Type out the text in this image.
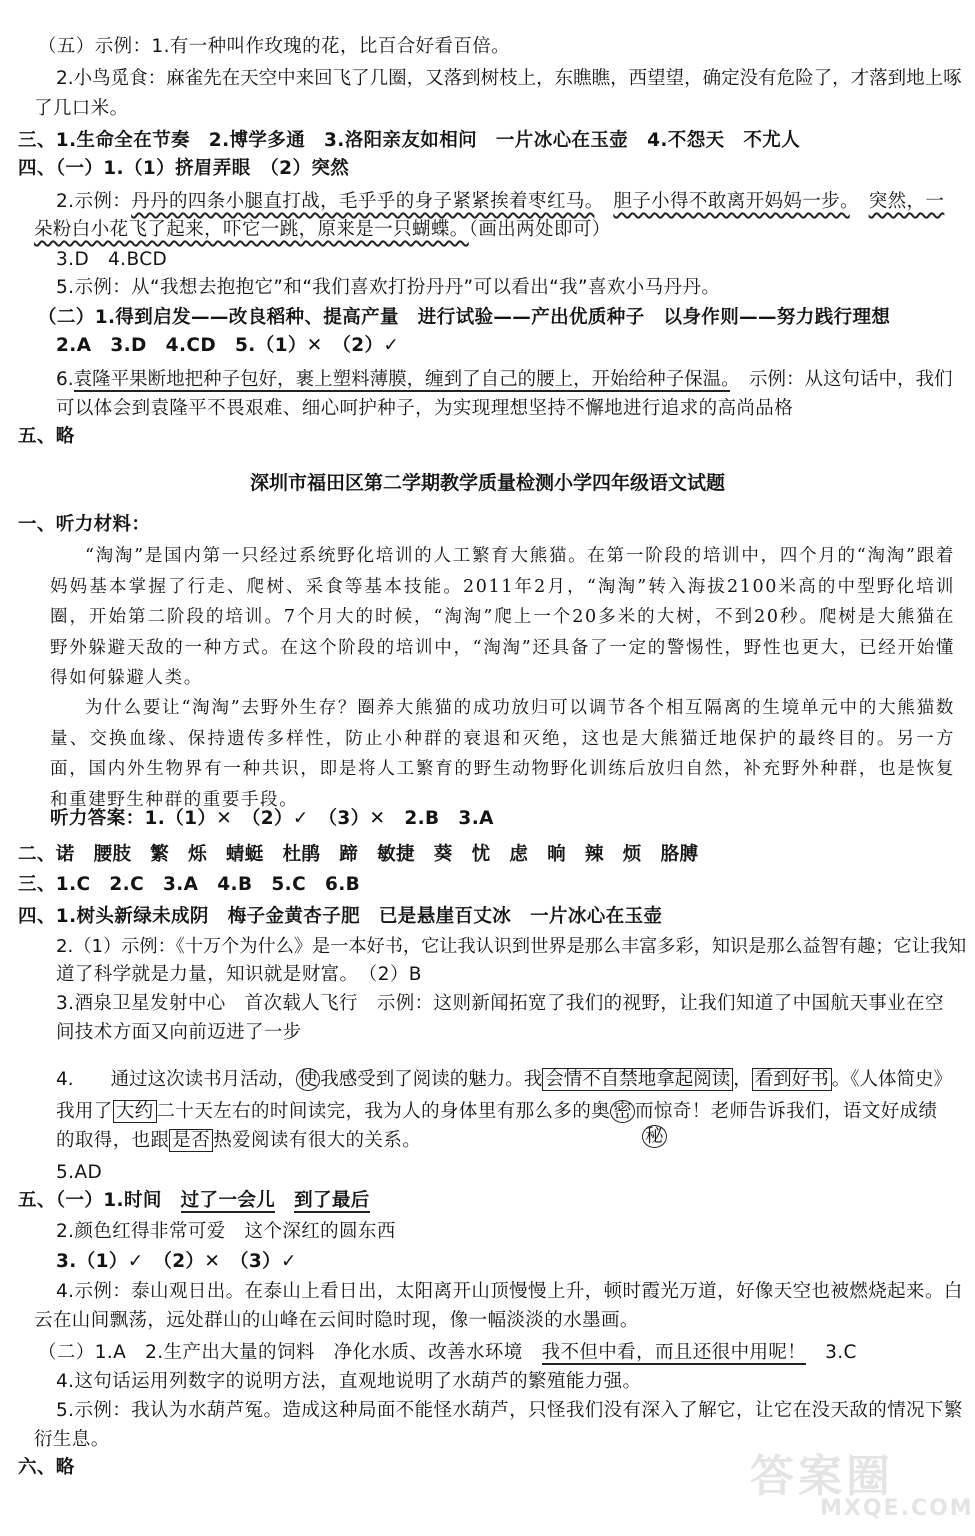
（五）示例：1.有一种叫作玫瑰的花，比百合好看百倍。
2.小鸟觅食：麻雀先在天空中来回飞了几圈，又落到树枝上，东瞧瞧，西望望，确定没有危险了，才落到地上啄
了几口米。
三、1.生命全在节奏　2.博学多通　3.洛阳亲友如相问　一片冰心在玉壶　4.不怨天　不尤人
四、（一）1.（1）挤眉弄眼　（2）突然
2.示例：丹丹的四条小腿直打战，毛乎乎的身子紧紧挨着枣红马。　 胆子小得不敢离开妈妈一步。　 突然，一
朵粉白小花飞了起来，吓它一跳，原来是一只蝴蝶。（画出两处即可）
3.D　4.BCD
5.示例：从“我想去抱抱它”和“我们喜欢打扮丹丹”可以看出“我”喜欢小马丹丹。
（二）1.得到启发——改良稻种、提高产量　进行试验——产出优质种子　以身作则——努力践行理想
2.A　3.D　4.CD　5.（1）✕　（2）✓
6.袁隆平果断地把种子包好，裹上塑料薄膜，缠到了自己的腰上，开始给种子保温。　 示例：从这句话中，我们
可以体会到袁隆平不畏艰难、细心呵护种子，为实现理想坚持不懈地进行追求的高尚品格
五、略
深圳市福田区第二学期教学质量检测小学四年级语文试题
一、听力材料：
“淘淘”是国内第一只经过系统野化培训的人工繁育大熊猫。在第一阶段的培训中，四个月的“淘淘”跟着妈妈基本掌握了行走、爬树、采食等基本技能。2011年2月，“淘淘”转入海拔2100米高的中型野化培训圈，开始第二阶段的培训。7个月大的时候，“淘淘”爬上一个20多米的大树，不到20秒。爬树是大熊猫在野外躲避天敌的一种方式。在这个阶段的培训中，“淘淘”还具备了一定的警惕性，野性也更大，已经开始懂得如何躲避人类。
为什么要让“淘淘”去野外生存？圈养大熊猫的成功放归可以调节各个相互隔离的生境单元中的大熊猫数量、交换血缘、保持遗传多样性，防止小种群的衰退和灭绝，这也是大熊猫迁地保护的最终目的。另一方面，国内外生物界有一种共识，即是将人工繁育的野生动物野化训练后放归自然，补充野外种群，也是恢复和重建野生种群的重要手段。
听力答案：1.（1）✕　（2）✓　（3）✕　2.B　3.A
二、诺　腰肢　繁　烁　蜻蜓　杜鹃　蹄　敏捷　葵　忧　虑　晌　辣　烦　胳膊
三、1.C　2.C　3.A　4.B　5.C　6.B
四、1.树头新绿未成阴　梅子金黄杏子肥　已是悬崖百丈冰　一片冰心在玉壶
2.（1）示例：《十万个为什么》是一本好书，它让我认识到世界是那么丰富多彩，知识是那么益智有趣；它让我知
道了科学就是力量，知识就是财富。　（2）B
3.酒泉卫星发射中心　首次载人飞行　示例：这则新闻拓宽了我们的视野，让我们知道了中国航天事业在空
间技术方面又向前迈进了一步
4.　　 通过这次读书月活动， 使 我感受到了阅读的魅力。我 会情不自禁地拿起阅读 ， 看到好书 。《人体简史》
我用了 大约 二十天左右的时间读完，我为人的身体里有那么多的奥 密 而惊奇！老师告诉我们，语文好成绩
的取得，也跟 是否 热爱阅读有很大的关系。	秘
5.AD
五、（一）1.时间　过了一会儿　 到了最后
2.颜色红得非常可爱　这个深红的圆东西
3.（1）✓　（2）✕　（3）✓
4.示例：泰山观日出。在泰山上看日出，太阳离开山顶慢慢上升，顿时霞光万道，好像天空也被燃烧起来。白
云在山间飘荡，远处群山的山峰在云间时隐时现，像一幅淡淡的水墨画。
（二）1.A　2.生产出大量的饲料　净化水质、改善水环境　我不但中看，而且还很中用呢！　3.C
4.这句话运用列数字的说明方法，直观地说明了水葫芦的繁殖能力强。
5.示例：我认为水葫芦冤。造成这种局面不能怪水葫芦，只怪我们没有深入了解它，让它在没天敌的情况下繁
衍生息。
六、略	答案圈
MXQE.COM
